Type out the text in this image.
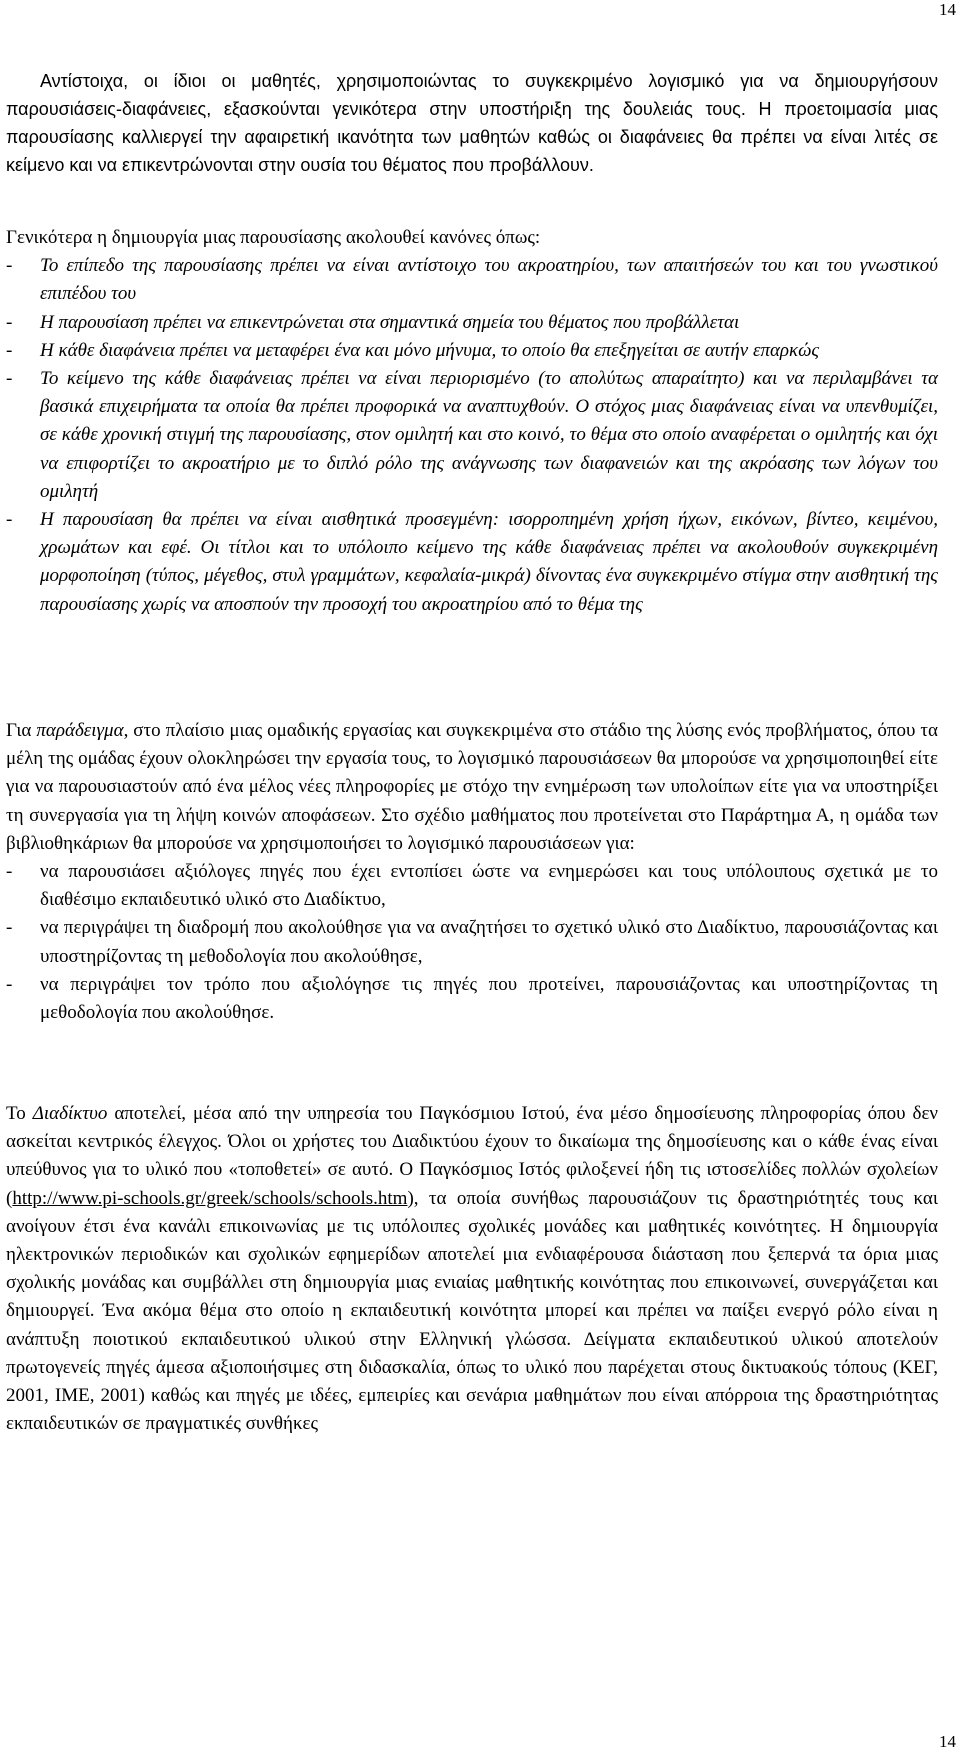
14

Αντίστοιχα, οι ίδιοι οι μαθητές, χρησιμοποιώντας το συγκεκριμένο λογισμικό για να δημιουργήσουν παρουσιάσεις-διαφάνειες, εξασκούνται γενικότερα στην υποστήριξη της δουλειάς τους. Η προετοιμασία μιας παρουσίασης καλλιεργεί την αφαιρετική ικανότητα των μαθητών καθώς οι διαφάνειες θα πρέπει να είναι λιτές σε κείμενο και να επικεντρώνονται στην ουσία του θέματος που προβάλλουν.

Γενικότερα η δημιουργία μιας παρουσίασης ακολουθεί κανόνες όπως:
-	Το επίπεδο της παρουσίασης πρέπει να είναι αντίστοιχο του ακροατηρίου, των απαιτήσεών του και του γνωστικού επιπέδου του
-	Η παρουσίαση πρέπει να επικεντρώνεται στα σημαντικά σημεία του θέματος που προβάλλεται
-	Η κάθε διαφάνεια πρέπει να μεταφέρει ένα και μόνο μήνυμα, το οποίο θα επεξηγείται σε αυτήν επαρκώς
-	Το κείμενο της κάθε διαφάνειας πρέπει να είναι περιορισμένο (το απολύτως απαραίτητο) και να περιλαμβάνει τα βασικά επιχειρήματα τα οποία θα πρέπει προφορικά να αναπτυχθούν. Ο στόχος μιας διαφάνειας είναι να υπενθυμίζει, σε κάθε χρονική στιγμή της παρουσίασης, στον ομιλητή και στο κοινό, το θέμα στο οποίο αναφέρεται ο ομιλητής και όχι να επιφορτίζει το ακροατήριο με το διπλό ρόλο της ανάγνωσης των διαφανειών και της ακρόασης των λόγων του ομιλητή
-	Η παρουσίαση θα πρέπει να είναι αισθητικά προσεγμένη: ισορροπημένη χρήση ήχων, εικόνων, βίντεο, κειμένου, χρωμάτων και εφέ. Οι τίτλοι και το υπόλοιπο κείμενο της κάθε διαφάνειας πρέπει να ακολουθούν συγκεκριμένη μορφοποίηση (τύπος, μέγεθος, στυλ γραμμάτων, κεφαλαία-μικρά) δίνοντας ένα συγκεκριμένο στίγμα στην αισθητική της παρουσίασης χωρίς να αποσπούν την προσοχή του ακροατηρίου από το θέμα της
Για παράδειγμα, στο πλαίσιο μιας ομαδικής εργασίας και συγκεκριμένα στο στάδιο της λύσης ενός προβλήματος, όπου τα μέλη της ομάδας έχουν ολοκληρώσει την εργασία τους, το λογισμικό παρουσιάσεων θα μπορούσε να χρησιμοποιηθεί είτε για να παρουσιαστούν από ένα μέλος νέες πληροφορίες με στόχο την ενημέρωση των υπολοίπων είτε για να υποστηρίξει τη συνεργασία για τη λήψη κοινών αποφάσεων. Στο σχέδιο μαθήματος που προτείνεται στο Παράρτημα Α, η ομάδα των βιβλιοθηκάριων θα μπορούσε να χρησιμοποιήσει το λογισμικό παρουσιάσεων για:
-	να παρουσιάσει αξιόλογες πηγές που έχει εντοπίσει ώστε να ενημερώσει και τους υπόλοιπους σχετικά με το διαθέσιμο εκπαιδευτικό υλικό στο Διαδίκτυο,
-	να περιγράψει τη διαδρομή που ακολούθησε για να αναζητήσει το σχετικό υλικό στο Διαδίκτυο, παρουσιάζοντας και υποστηρίζοντας τη μεθοδολογία που ακολούθησε,
-	να περιγράψει τον τρόπο που αξιολόγησε τις πηγές που προτείνει, παρουσιάζοντας και υποστηρίζοντας τη μεθοδολογία που ακολούθησε.

Το Διαδίκτυο αποτελεί, μέσα από την υπηρεσία του Παγκόσμιου Ιστού, ένα μέσο δημοσίευσης πληροφορίας όπου δεν ασκείται κεντρικός έλεγχος. Όλοι οι χρήστες του Διαδικτύου έχουν το δικαίωμα της δημοσίευσης και ο κάθε ένας είναι υπεύθυνος για το υλικό που «τοποθετεί» σε αυτό. Ο Παγκόσμιος Ιστός φιλοξενεί ήδη τις ιστοσελίδες πολλών σχολείων (http://www.pi-schools.gr/greek/schools/schools.htm), τα οποία συνήθως παρουσιάζουν τις δραστηριότητές τους και ανοίγουν έτσι ένα κανάλι επικοινωνίας με τις υπόλοιπες σχολικές μονάδες και μαθητικές κοινότητες. Η δημιουργία ηλεκτρονικών περιοδικών και σχολικών εφημερίδων αποτελεί μια ενδιαφέρουσα διάσταση που ξεπερνά τα όρια μιας σχολικής μονάδας και συμβάλλει στη δημιουργία μιας ενιαίας μαθητικής κοινότητας που επικοινωνεί, συνεργάζεται και δημιουργεί. Ένα ακόμα θέμα στο οποίο η εκπαιδευτική κοινότητα μπορεί και πρέπει να παίξει ενεργό ρόλο είναι η ανάπτυξη ποιοτικού εκπαιδευτικού υλικού στην Ελληνική γλώσσα. Δείγματα εκπαιδευτικού υλικού αποτελούν πρωτογενείς πηγές άμεσα αξιοποιήσιμες στη διδασκαλία, όπως το υλικό που παρέχεται στους δικτυακούς τόπους (ΚΕΓ, 2001, ΙΜΕ, 2001) καθώς και πηγές με ιδέες, εμπειρίες και σενάρια μαθημάτων που είναι απόρροια της δραστηριότητας εκπαιδευτικών σε πραγματικές συνθήκες

14
